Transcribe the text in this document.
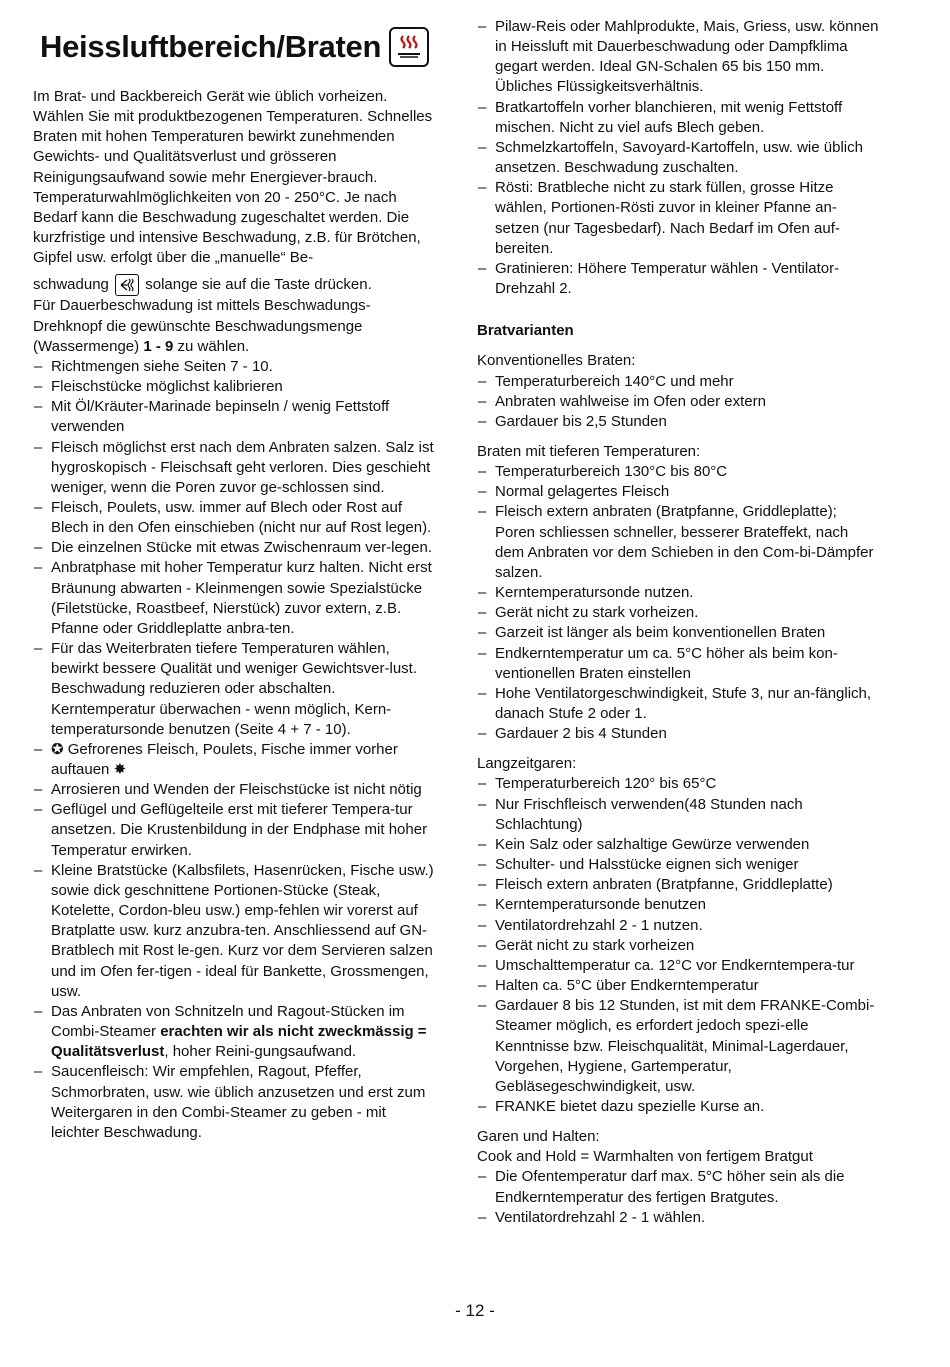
Heissluftbereich/Braten

Im Brat- und Backbereich Gerät wie üblich vorheizen. Wählen Sie mit produktbezogenen Temperaturen. Schnelles Braten mit hohen Temperaturen bewirkt zunehmenden Gewichts- und Qualitätsverlust und grösseren Reinigungsaufwand sowie mehr Energiever-brauch.

Temperaturwahlmöglichkeiten von 20 - 250°C. Je nach Bedarf kann die Beschwadung zugeschaltet werden. Die kurzfristige und intensive Beschwadung, z.B. für Brötchen, Gipfel usw. erfolgt über die „manuelle“ Be-

schwadung solange sie auf die Taste drücken.

Für Dauerbeschwadung ist mittels Beschwadungs-Drehknopf die gewünschte Beschwadungsmenge (Wassermenge) 1 - 9 zu wählen.

– Richtmengen siehe Seiten 7 - 10.
– Fleischstücke möglichst kalibrieren
– Mit Öl/Kräuter-Marinade bepinseln / wenig Fettstoff verwenden
– Fleisch möglichst erst nach dem Anbraten salzen. Salz ist hygroskopisch - Fleischsaft geht verloren. Dies geschieht weniger, wenn die Poren zuvor ge-schlossen sind.
– Fleisch, Poulets, usw. immer auf Blech oder Rost auf Blech in den Ofen einschieben (nicht nur auf Rost legen).
– Die einzelnen Stücke mit etwas Zwischenraum ver-legen.
– Anbratphase mit hoher Temperatur kurz halten. Nicht erst Bräunung abwarten - Kleinmengen sowie Spezialstücke (Filetstücke, Roastbeef, Nierstück) zuvor extern, z.B. Pfanne oder Griddleplatte anbra-ten.
– Für das Weiterbraten tiefere Temperaturen wählen, bewirkt bessere Qualität und weniger Gewichtsver-lust. Beschwadung reduzieren oder abschalten. Kerntemperatur überwachen - wenn möglich, Kern-temperatursonde benutzen (Seite 4 + 7 - 10).
– ✪ Gefrorenes Fleisch, Poulets, Fische immer vorher auftauen ✸
– Arrosieren und Wenden der Fleischstücke ist nicht nötig
– Geflügel und Geflügelteile erst mit tieferer Tempera-tur ansetzen. Die Krustenbildung in der Endphase mit hoher Temperatur erwirken.
– Kleine Bratstücke (Kalbsfilets, Hasenrücken, Fische usw.) sowie dick geschnittene Portionen-Stücke (Steak, Kotelette, Cordon-bleu usw.) emp-fehlen wir vorerst auf Bratplatte usw. kurz anzubra-ten. Anschliessend auf GN-Bratblech mit Rost le-gen. Kurz vor dem Servieren salzen und im Ofen fer-tigen - ideal für Bankette, Grossmengen, usw.
– Das Anbraten von Schnitzeln und Ragout-Stücken im Combi-Steamer erachten wir als nicht zweckmässig = Qualitätsverlust, hoher Reini-gungsaufwand.
– Saucenfleisch: Wir empfehlen, Ragout, Pfeffer, Schmorbraten, usw. wie üblich anzusetzen und erst zum Weitergaren in den Combi-Steamer zu geben - mit leichter Beschwadung.
– Pilaw-Reis oder Mahlprodukte, Mais, Griess, usw. können in Heissluft mit Dauerbeschwadung oder Dampfklima gegart werden. Ideal GN-Schalen 65 bis 150 mm. Übliches Flüssigkeitsverhältnis.
– Bratkartoffeln vorher blanchieren, mit wenig Fettstoff mischen. Nicht zu viel aufs Blech geben.
– Schmelzkartoffeln, Savoyard-Kartoffeln, usw. wie üblich ansetzen. Beschwadung zuschalten.
– Rösti: Bratbleche nicht zu stark füllen, grosse Hitze wählen, Portionen-Rösti zuvor in kleiner Pfanne an-setzen (nur Tagesbedarf). Nach Bedarf im Ofen auf-bereiten.
– Gratinieren: Höhere Temperatur wählen - Ventilator-Drehzahl 2.

Bratvarianten

Konventionelles Braten:

– Temperaturbereich 140°C und mehr
– Anbraten wahlweise im Ofen oder extern
– Gardauer bis 2,5 Stunden

Braten mit tieferen Temperaturen:

– Temperaturbereich 130°C bis 80°C
– Normal gelagertes Fleisch
– Fleisch extern anbraten (Bratpfanne, Griddleplatte); Poren schliessen schneller, besserer Brateffekt, nach dem Anbraten vor dem Schieben in den Com-bi-Dämpfer salzen.
– Kerntemperatursonde nutzen.
– Gerät nicht zu stark vorheizen.
– Garzeit ist länger als beim konventionellen Braten
– Endkerntemperatur um ca. 5°C höher als beim kon-ventionellen Braten einstellen
– Hohe Ventilatorgeschwindigkeit, Stufe 3, nur an-fänglich, danach Stufe 2 oder 1.
– Gardauer 2 bis 4 Stunden

Langzeitgaren:

– Temperaturbereich 120° bis 65°C
– Nur Frischfleisch verwenden(48 Stunden nach Schlachtung)
– Kein Salz oder salzhaltige Gewürze verwenden
– Schulter- und Halsstücke eignen sich weniger
– Fleisch extern anbraten (Bratpfanne, Griddleplatte)
– Kerntemperatursonde benutzen
– Ventilatordrehzahl 2 - 1 nutzen.
– Gerät nicht zu stark vorheizen
– Umschalttemperatur ca. 12°C vor Endkerntempera-tur
– Halten ca. 5°C über Endkerntemperatur
– Gardauer 8 bis 12 Stunden, ist mit dem FRANKE-Combi-Steamer möglich, es erfordert jedoch spezi-elle Kenntnisse bzw. Fleischqualität, Minimal-Lagerdauer, Vorgehen, Hygiene, Gartemperatur, Gebläsegeschwindigkeit, usw.
– FRANKE bietet dazu spezielle Kurse an.

Garen und Halten:

Cook and Hold = Warmhalten von fertigem Bratgut

– Die Ofentemperatur darf max. 5°C höher sein als die Endkerntemperatur des fertigen Bratgutes.
– Ventilatordrehzahl 2 - 1 wählen.
- 12 -
